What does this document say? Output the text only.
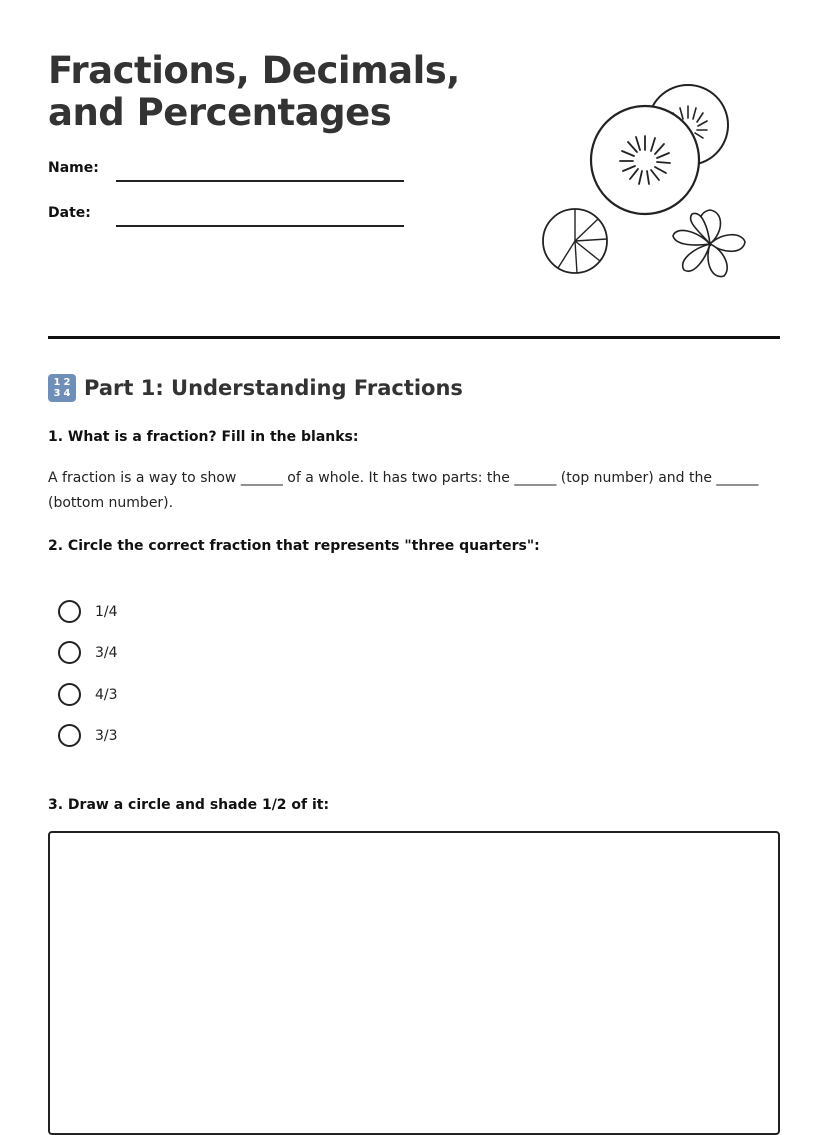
Fractions, Decimals, and Percentages
Name:
Date:
1 2
3 4 Part 1: Understanding Fractions
1. What is a fraction? Fill in the blanks:
A fraction is a way to show ______ of a whole. It has two parts: the ______ (top number) and the ______ (bottom number).
2. Circle the correct fraction that represents "three quarters":
1/4
3/4
4/3
3/3
3. Draw a circle and shade 1/2 of it:
